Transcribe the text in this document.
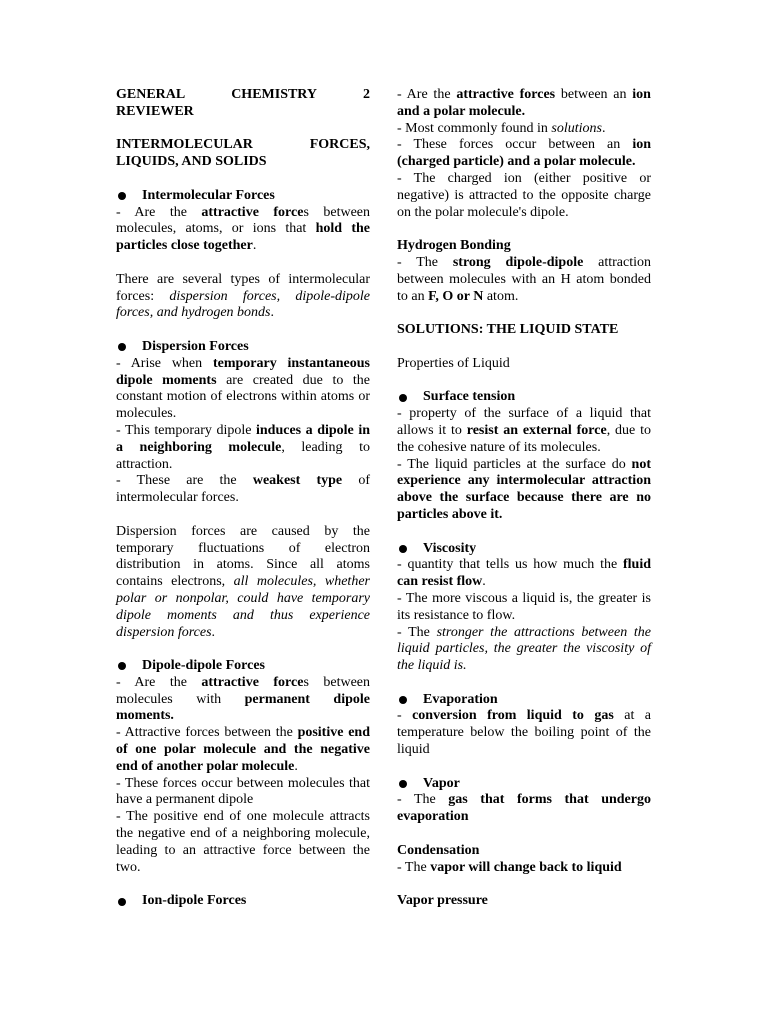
GENERAL	CHEMISTRY	2

REVIEWER

INTERMOLECULAR	FORCES,

LIQUIDS, AND SOLIDS

Intermolecular Forces

- Are the attractive forces between molecules, atoms, or ions that hold the particles close together.

There are several types of intermolecular forces: dispersion forces, dipole-dipole forces, and hydrogen bonds.

Dispersion Forces

- Arise when temporary instantaneous dipole moments are created due to the constant motion of electrons within atoms or molecules.

- This temporary dipole induces a dipole in a neighboring molecule, leading to attraction.

- These are the weakest type of intermolecular forces.

Dispersion forces are caused by the temporary fluctuations of electron distribution in atoms. Since all atoms contains electrons, all molecules, whether polar or nonpolar, could have temporary dipole moments and thus experience dispersion forces.

Dipole-dipole Forces

- Are the attractive forces between molecules with permanent dipole moments.

- Attractive forces between the positive end of one polar molecule and the negative end of another polar molecule.

- These forces occur between molecules that have a permanent dipole

- The positive end of one molecule attracts the negative end of a neighboring molecule, leading to an attractive force between the two.

Ion-dipole Forces

- Are the attractive forces between an ion and a polar molecule.

- Most commonly found in solutions.

- These forces occur between an ion (charged particle) and a polar molecule.

- The charged ion (either positive or negative) is attracted to the opposite charge on the polar molecule's dipole.

Hydrogen Bonding

- The strong dipole-dipole attraction between molecules with an H atom bonded to an F, O or N atom.

SOLUTIONS: THE LIQUID STATE

Properties of Liquid

Surface tension

- property of the surface of a liquid that allows it to resist an external force, due to the cohesive nature of its molecules.

- The liquid particles at the surface do not experience any intermolecular attraction above the surface because there are no particles above it.

Viscosity

- quantity that tells us how much the fluid can resist flow.

- The more viscous a liquid is, the greater is its resistance to flow.

- The stronger the attractions between the liquid particles, the greater the viscosity of the liquid is.

Evaporation

- conversion from liquid to gas at a temperature below the boiling point of the liquid

Vapor

- The gas that forms that undergo evaporation

Condensation

- The vapor will change back to liquid

Vapor pressure
